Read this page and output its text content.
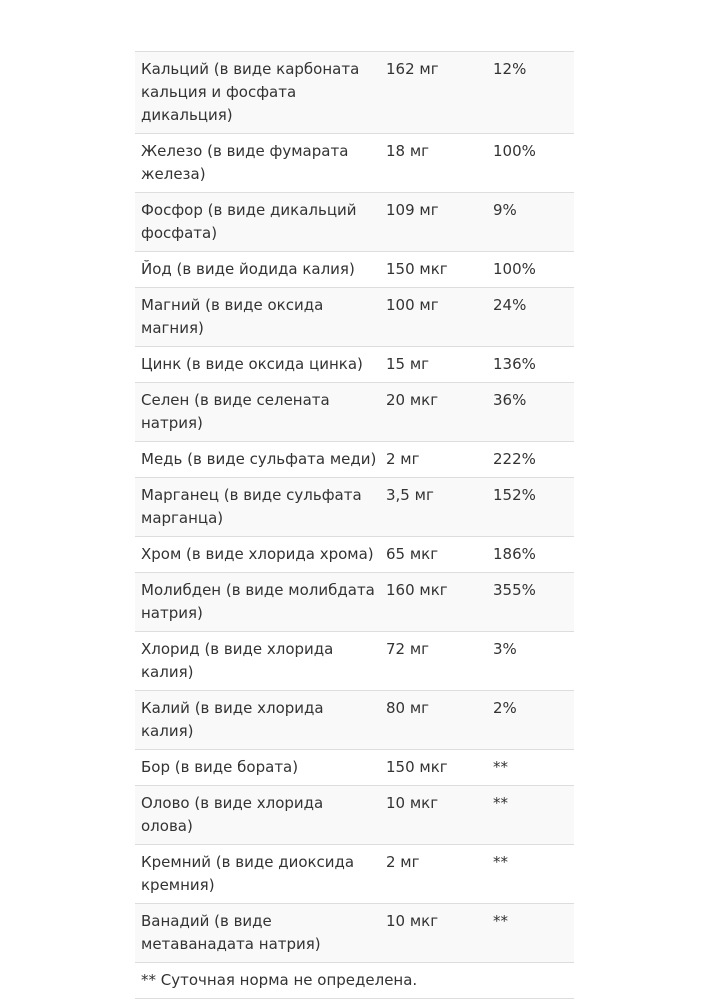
Кальций (в виде карбоната кальция и фосфата дикальция)	162 мг	12%
Железо (в виде фумарата железа)	18 мг	100%
Фосфор (в виде дикальций фосфата)	109 мг	9%
Йод (в виде йодида калия)	150 мкг	100%
Магний (в виде оксида магния)	100 мг	24%
Цинк (в виде оксида цинка)	15 мг	136%
Селен (в виде селената натрия)	20 мкг	36%
Медь (в виде сульфата меди)	2 мг	222%
Марганец (в виде сульфата марганца)	3,5 мг	152%
Хром (в виде хлорида хрома)	65 мкг	186%
Молибден (в виде молибдата натрия)	160 мкг	355%
Хлорид (в виде хлорида калия)	72 мг	3%
Калий (в виде хлорида калия)	80 мг	2%
Бор (в виде бората)	150 мкг	**
Олово (в виде хлорида олова)	10 мкг	**
Кремний (в виде диоксида кремния)	2 мг	**
Ванадий (в виде метаванадата натрия)	10 мкг	**
** Суточная норма не определена.		
